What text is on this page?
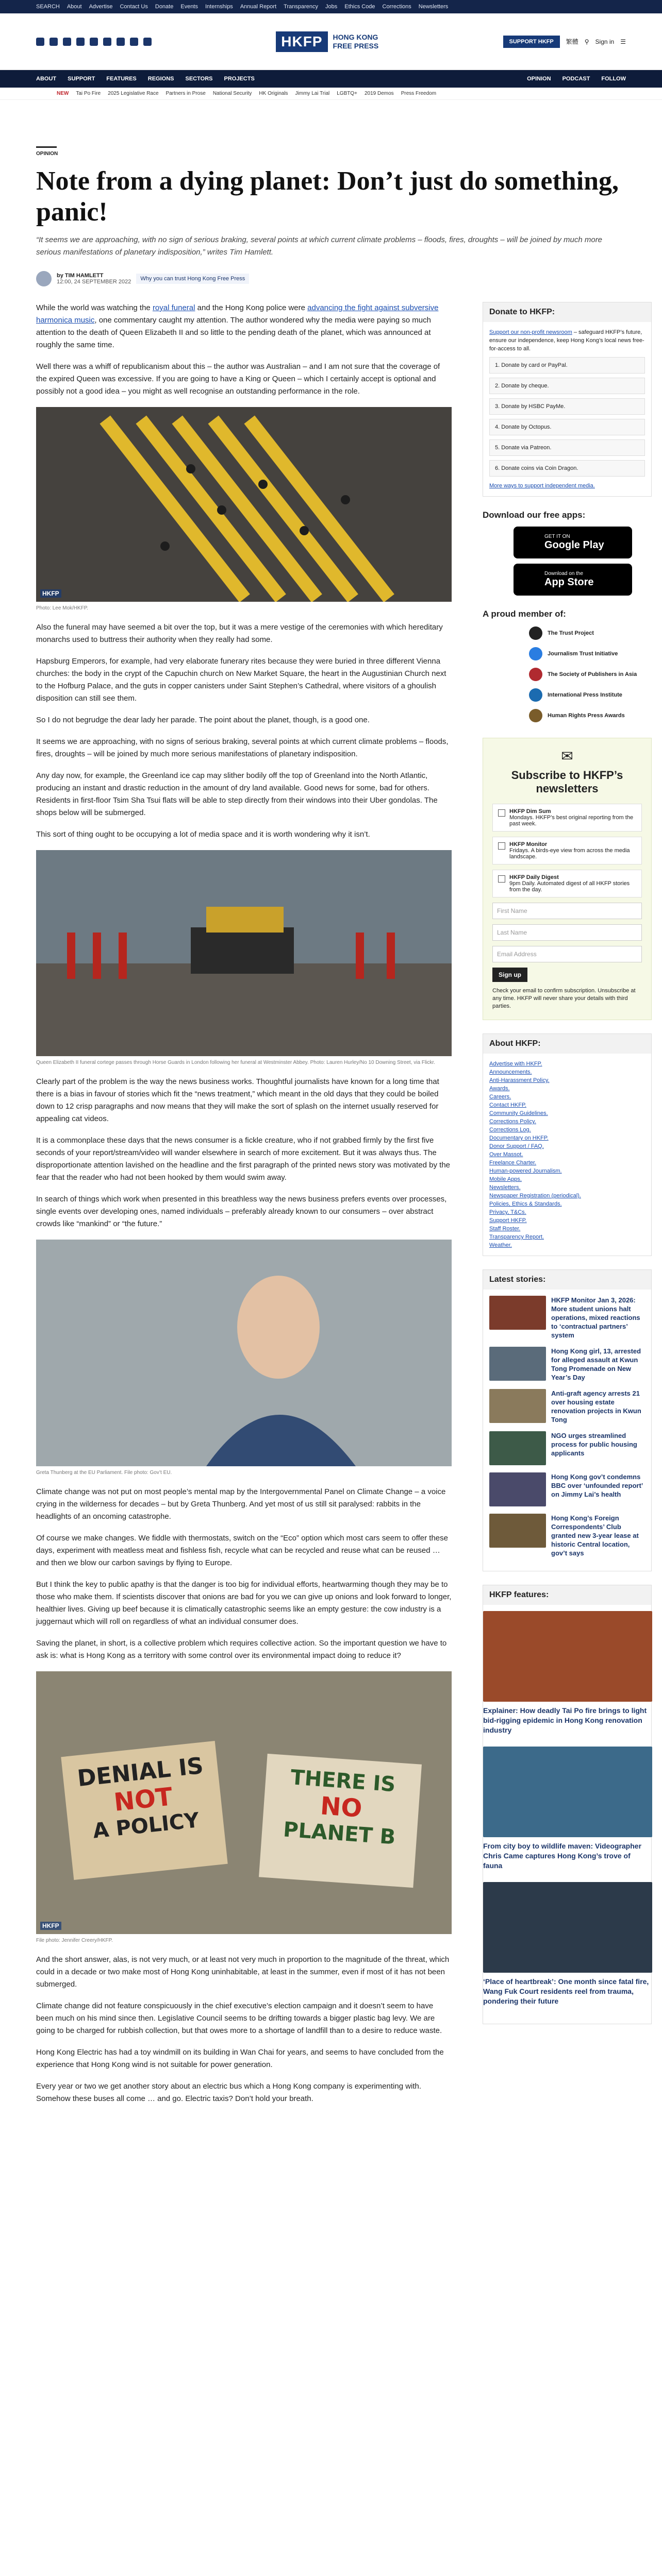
SEARCH About Advertise Contact Us Donate Events Internships Annual Report Transparency Jobs Ethics Code Corrections Newsletters
HKFP	HONG KONG
FREE PRESS	SUPPORT HKFP	繁體 ⚲ Sign in ☰
ABOUT SUPPORT FEATURES REGIONS SECTORS PROJECTS	OPINION PODCAST FOLLOW
NEW Tai Po Fire 2025 Legislative Race Partners in Prose National Security HK Originals Jimmy Lai Trial LGBTQ+ 2019 Demos Press Freedom
OPINION
Note from a dying planet: Don’t just do something, panic!

“It seems we are approaching, with no sign of serious braking, several points at which current climate problems – floods, fires, droughts – will be joined by much more serious manifestations of planetary indisposition,” writes Tim Hamlett.

by TIM HAMLETT
12:00, 24 SEPTEMBER 2022	Why you can trust Hong Kong Free Press

While the world was watching the royal funeral and the Hong Kong police were advancing the fight against subversive harmonica music, one commentary caught my attention. The author wondered why the media were paying so much attention to the death of Queen Elizabeth II and so little to the pending death of the planet, which was announced at roughly the same time.

Well there was a whiff of republicanism about this – the author was Australian – and I am not sure that the coverage of the expired Queen was excessive. If you are going to have a King or Queen – which I certainly accept is optional and possibly not a good idea – you might as well recognise an outstanding performance in the role.

HKFP
Photo: Lee Mok/HKFP.

Also the funeral may have seemed a bit over the top, but it was a mere vestige of the ceremonies with which hereditary monarchs used to buttress their authority when they really had some.

Hapsburg Emperors, for example, had very elaborate funerary rites because they were buried in three different Vienna churches: the body in the crypt of the Capuchin church on New Market Square, the heart in the Augustinian Church next to the Hofburg Palace, and the guts in copper canisters under Saint Stephen’s Cathedral, where visitors of a ghoulish disposition can still see them.

So I do not begrudge the dear lady her parade. The point about the planet, though, is a good one.

It seems we are approaching, with no signs of serious braking, several points at which current climate problems – floods, fires, droughts – will be joined by much more serious manifestations of planetary indisposition.

Any day now, for example, the Greenland ice cap may slither bodily off the top of Greenland into the North Atlantic, producing an instant and drastic reduction in the amount of dry land available. Good news for some, bad for others. Residents in first-floor Tsim Sha Tsui flats will be able to step directly from their windows into their Uber gondolas. The shops below will be submerged.

This sort of thing ought to be occupying a lot of media space and it is worth wondering why it isn’t.

Queen Elizabeth II funeral cortege passes through Horse Guards in London following her funeral at Westminster Abbey. Photo: Lauren Hurley/No 10 Downing Street, via Flickr.

Clearly part of the problem is the way the news business works. Thoughtful journalists have known for a long time that there is a bias in favour of stories which fit the “news treatment,” which meant in the old days that they could be boiled down to 12 crisp paragraphs and now means that they will make the sort of splash on the internet usually reserved for appealing cat videos.

It is a commonplace these days that the news consumer is a fickle creature, who if not grabbed firmly by the first five seconds of your report/stream/video will wander elsewhere in search of more excitement. But it was always thus. The disproportionate attention lavished on the headline and the first paragraph of the printed news story was motivated by the fear that the reader who had not been hooked by them would swim away.

In search of things which work when presented in this breathless way the news business prefers events over processes, single events over developing ones, named individuals – preferably already known to our consumers – over abstract crowds like “mankind” or “the future.”

Greta Thunberg at the EU Parliament. File photo: Gov’t EU.

Climate change was not put on most people’s mental map by the Intergovernmental Panel on Climate Change – a voice crying in the wilderness for decades – but by Greta Thunberg. And yet most of us still sit paralysed: rabbits in the headlights of an oncoming catastrophe.

Of course we make changes. We fiddle with thermostats, switch on the “Eco” option which most cars seem to offer these days, experiment with meatless meat and fishless fish, recycle what can be recycled and reuse what can be reused … and then we blow our carbon savings by flying to Europe.

But I think the key to public apathy is that the danger is too big for individual efforts, heartwarming though they may be to those who make them. If scientists discover that onions are bad for you we can give up onions and look forward to longer, healthier lives. Giving up beef because it is climatically catastrophic seems like an empty gesture: the cow industry is a juggernaut which will roll on regardless of what an individual consumer does.

Saving the planet, in short, is a collective problem which requires collective action. So the important question we have to ask is: what is Hong Kong as a territory with some control over its environmental impact doing to reduce it?

DENIAL IS
NOT
A POLICY
THERE IS
NO
PLANET B
HKFP
File photo: Jennifer Creery/HKFP.

And the short answer, alas, is not very much, or at least not very much in proportion to the magnitude of the threat, which could in a decade or two make most of Hong Kong uninhabitable, at least in the summer, even if most of it has not been submerged.

Climate change did not feature conspicuously in the chief executive’s election campaign and it doesn’t seem to have been much on his mind since then. Legislative Council seems to be drifting towards a bigger plastic bag levy. We are going to be charged for rubbish collection, but that owes more to a shortage of landfill than to a desire to reduce waste.

Hong Kong Electric has had a toy windmill on its building in Wan Chai for years, and seems to have concluded from the experience that Hong Kong wind is not suitable for power generation.

Every year or two we get another story about an electric bus which a Hong Kong company is experimenting with. Somehow these buses all come … and go. Electric taxis? Don’t hold your breath.

Donate to HKFP:
Support our non-profit newsroom – safeguard HKFP’s future, ensure our independence, keep Hong Kong’s local news free-for-access to all.
1. Donate by card or PayPal.
2. Donate by cheque.
3. Donate by HSBC PayMe.
4. Donate by Octopus.
5. Donate via Patreon.
6. Donate coins via Coin Dragon.
More ways to support independent media.
Download our free apps:
GET IT ON
Google Play
Download on the
App Store
A proud member of:
The Trust Project
Journalism Trust Initiative
The Society of Publishers in Asia
International Press Institute
Human Rights Press Awards
✉
Subscribe to HKFP’s newsletters
HKFP Dim Sum
Mondays. HKFP’s best original reporting from the past week.
HKFP Monitor
Fridays. A birds-eye view from across the media landscape.
HKFP Daily Digest
9pm Daily. Automated digest of all HKFP stories from the day.
First Name
Last Name
Email Address
Sign up
Check your email to confirm subscription. Unsubscribe at any time. HKFP will never share your details with third parties.
About HKFP:
Advertise with HKFP.
Announcements.
Anti-Harassment Policy.
Awards.
Careers.
Contact HKFP.
Community Guidelines.
Corrections Policy.
Corrections Log.
Documentary on HKFP.
Donor Support / FAQ.
Over Massot.
Freelance Charter.
Human-powered Journalism.
Mobile Apps.
Newsletters.
Newspaper Registration (periodical).
Policies, Ethics & Standards.
Privacy, T&Cs.
Support HKFP.
Staff Roster.
Transparency Report.
Weather.
Latest stories:
HKFP Monitor Jan 3, 2026: More student unions halt operations, mixed reactions to ‘contractual partners’ system
Hong Kong girl, 13, arrested for alleged assault at Kwun Tong Promenade on New Year’s Day
Anti-graft agency arrests 21 over housing estate renovation projects in Kwun Tong
NGO urges streamlined process for public housing applicants
Hong Kong gov’t condemns BBC over ‘unfounded report’ on Jimmy Lai’s health
Hong Kong’s Foreign Correspondents’ Club granted new 3-year lease at historic Central location, gov’t says
HKFP features:
Explainer: How deadly Tai Po fire brings to light bid-rigging epidemic in Hong Kong renovation industry
From city boy to wildlife maven: Videographer Chris Came captures Hong Kong’s trove of fauna
‘Place of heartbreak’: One month since fatal fire, Wang Fuk Court residents reel from trauma, pondering their future
